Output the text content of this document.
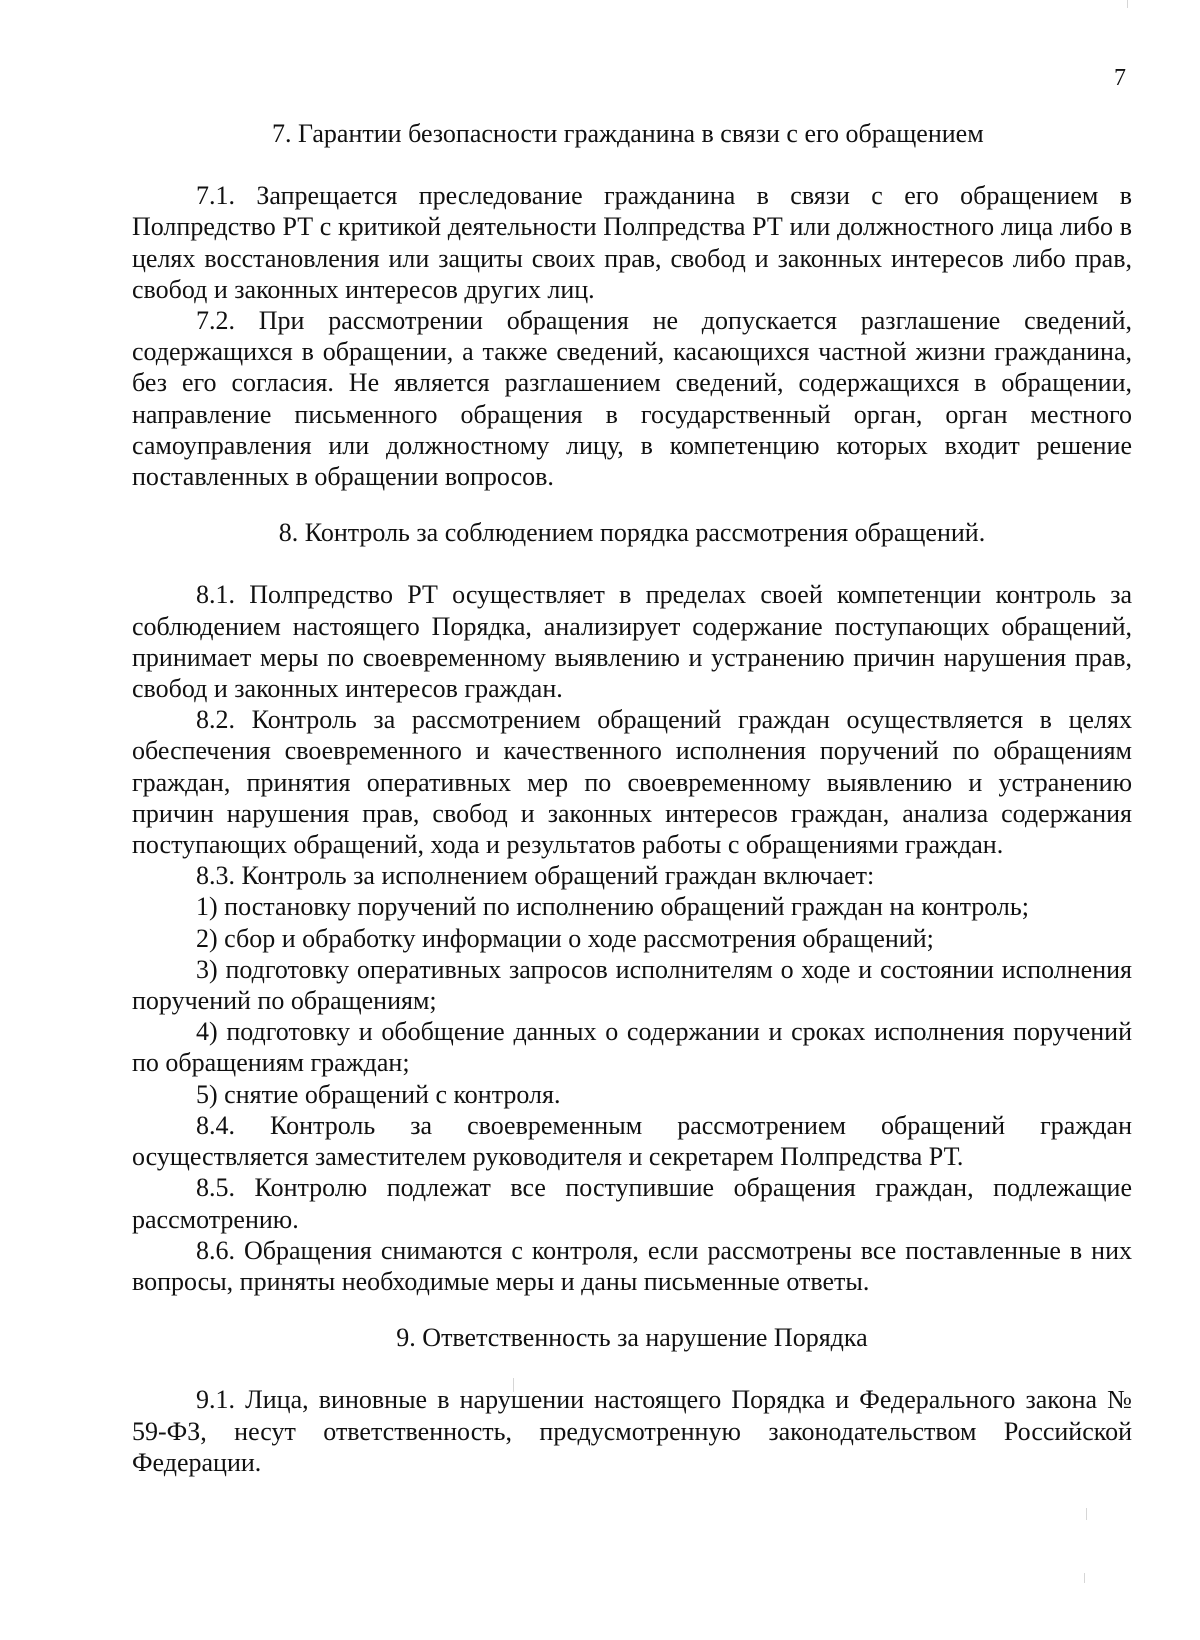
7
7. Гарантии безопасности гражданина в связи с его обращением

7.1. Запрещается преследование гражданина в связи с его обращением в Полпредство РТ с критикой деятельности Полпредства РТ или должностного лица либо в целях восстановления или защиты своих прав, свобод и законных интересов либо прав, свобод и законных интересов других лиц.

7.2. При рассмотрении обращения не допускается разглашение сведений, содержащихся в обращении, а также сведений, касающихся частной жизни гражданина, без его согласия. Не является разглашением сведений, содержащихся в обращении, направление письменного обращения в государственный орган, орган местного самоуправления или должностному лицу, в компетенцию которых входит решение поставленных в обращении вопросов.

8. Контроль за соблюдением порядка рассмотрения обращений.

8.1. Полпредство РТ осуществляет в пределах своей компетенции контроль за соблюдением настоящего Порядка, анализирует содержание поступающих обращений, принимает меры по своевременному выявлению и устранению причин нарушения прав, свобод и законных интересов граждан.

8.2. Контроль за рассмотрением обращений граждан осуществляется в целях обеспечения своевременного и качественного исполнения поручений по обращениям граждан, принятия оперативных мер по своевременному выявлению и устранению причин нарушения прав, свобод и законных интересов граждан, анализа содержания поступающих обращений, хода и результатов работы с обращениями граждан.

8.3. Контроль за исполнением обращений граждан включает:

1) постановку поручений по исполнению обращений граждан на контроль;

2) сбор и обработку информации о ходе рассмотрения обращений;

3) подготовку оперативных запросов исполнителям о ходе и состоянии исполнения поручений по обращениям;

4) подготовку и обобщение данных о содержании и сроках исполнения поручений по обращениям граждан;

5) снятие обращений с контроля.

8.4. Контроль за своевременным рассмотрением обращений граждан осуществляется заместителем руководителя и секретарем Полпредства РТ.

8.5. Контролю подлежат все поступившие обращения граждан, подлежащие рассмотрению.

8.6. Обращения снимаются с контроля, если рассмотрены все поставленные в них вопросы, приняты необходимые меры и даны письменные ответы.

9. Ответственность за нарушение Порядка

9.1. Лица, виновные в нарушении настоящего Порядка и Федерального закона № 59-ФЗ, несут ответственность, предусмотренную законодательством Российской Федерации.
